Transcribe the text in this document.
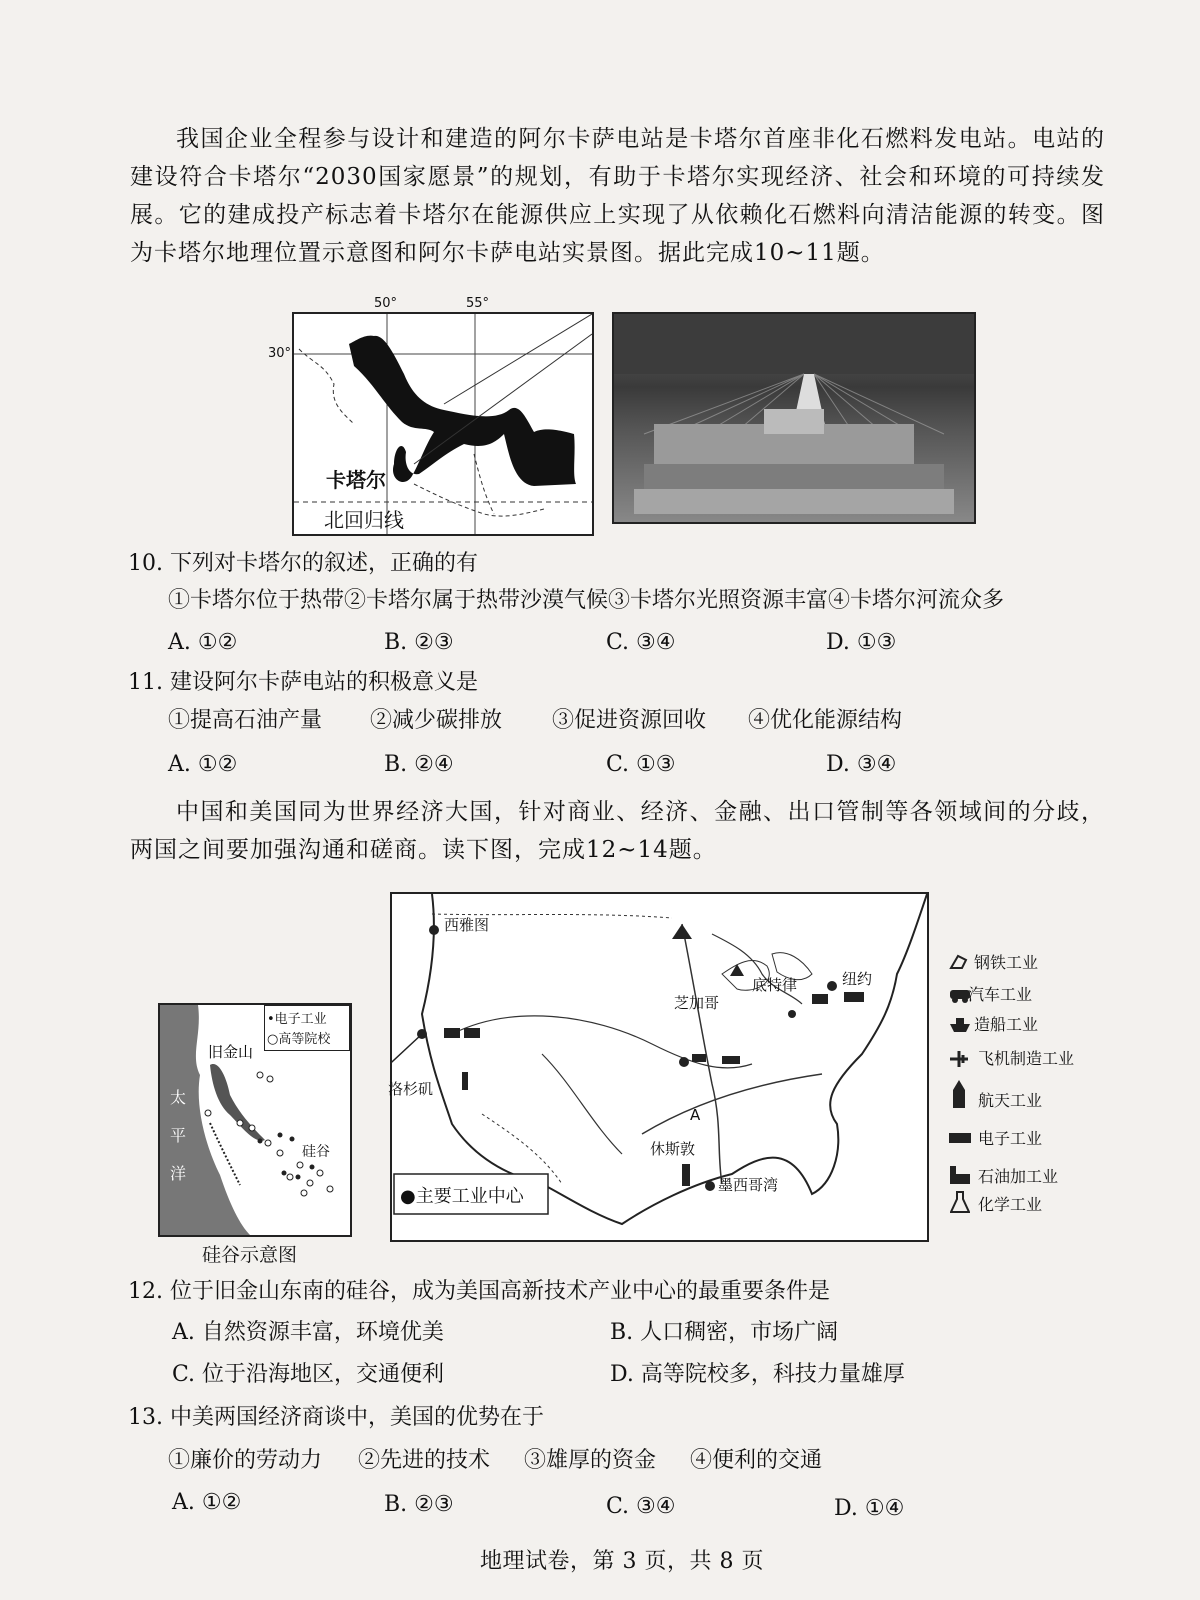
我国企业全程参与设计和建造的阿尔卡萨电站是卡塔尔首座非化石燃料发电站。电站的建设符合卡塔尔“2030国家愿景”的规划，有助于卡塔尔实现经济、社会和环境的可持续发展。它的建成投产标志着卡塔尔在能源供应上实现了从依赖化石燃料向清洁能源的转变。图为卡塔尔地理位置示意图和阿尔卡萨电站实景图。据此完成10~11题。
50°	55°
30°
卡塔尔
北回归线
10. 下列对卡塔尔的叙述，正确的有
①卡塔尔位于热带②卡塔尔属于热带沙漠气候③卡塔尔光照资源丰富④卡塔尔河流众多
A. ①②	B. ②③	C. ③④	D. ①③
11. 建设阿尔卡萨电站的积极意义是
①提高石油产量 ②减少碳排放 ③促进资源回收 ④优化能源结构
A. ①②	B. ②④	C. ①③	D. ③④
中国和美国同为世界经济大国，针对商业、经济、金融、出口管制等各领域间的分歧，两国之间要加强沟通和磋商。读下图，完成12~14题。
•电子工业
○高等院校
旧金山
太
平
洋
硅谷
硅谷示意图
西雅图
芝加哥
底特律	纽约
洛杉矶
休斯敦
墨西哥湾
A
●主要工业中心
钢铁工业
汽车工业
造船工业
飞机制造工业
航天工业
电子工业
石油加工业
化学工业
12. 位于旧金山东南的硅谷，成为美国高新技术产业中心的最重要条件是
A. 自然资源丰富，环境优美	B. 人口稠密，市场广阔
C. 位于沿海地区，交通便利	D. 高等院校多，科技力量雄厚
13. 中美两国经济商谈中，美国的优势在于
①廉价的劳动力 ②先进的技术 ③雄厚的资金 ④便利的交通
A. ①②	B. ②③	C. ③④	D. ①④
地理试卷，第 3 页，共 8 页
